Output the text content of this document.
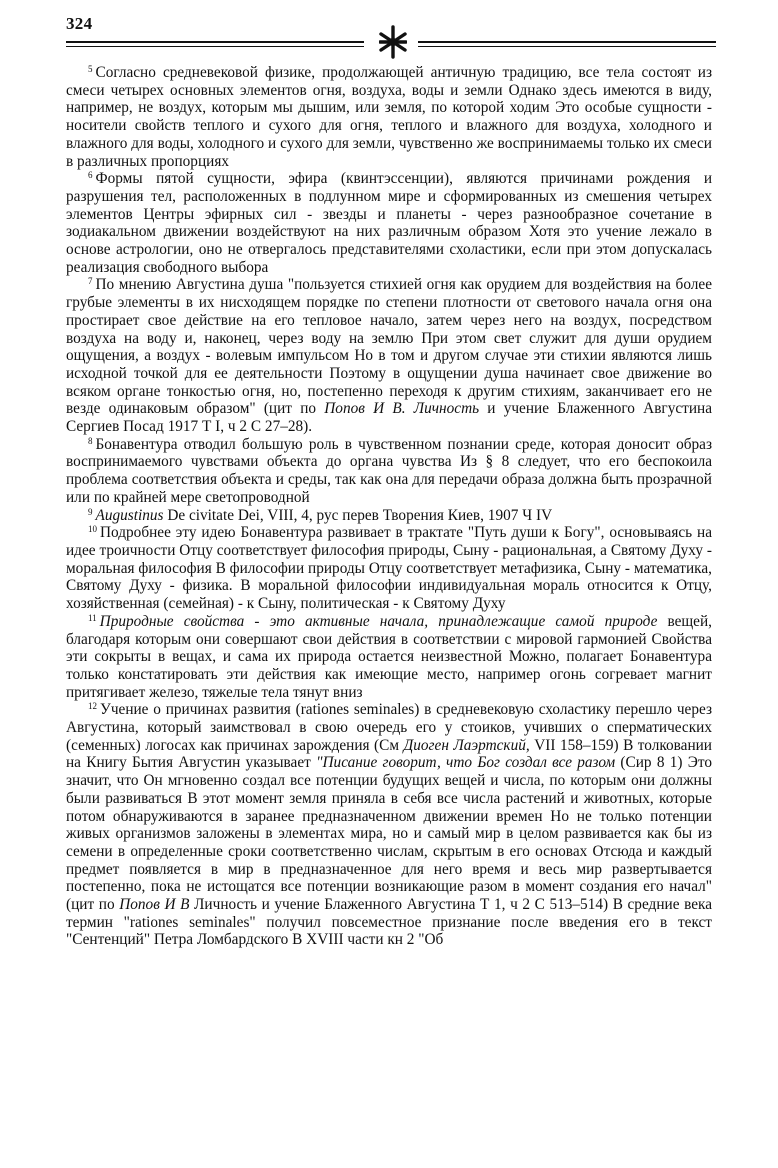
324

$^5$ Согласно средневековой физике, продолжающей античную традицию, все тела состоят из смеси четырех основных элементов огня, воздуха, воды и земли Однако здесь имеются в виду, например, не воздух, которым мы дышим, или земля, по которой ходим Это особые сущности - носители свойств теплого и сухого для огня, теплого и влажного для воздуха, холодного и влажного для воды, холодного и сухого для земли, чувственно же воспринимаемы только их смеси в различных пропорциях

$^6$ Формы пятой сущности, эфира (квинтэссенции), являются причинами рождения и разрушения тел, расположенных в подлунном мире и сформированных из смешения четырех элементов Центры эфирных сил - звезды и планеты - через разнообразное сочетание в зодиакальном движении воздействуют на них различным образом Хотя это учение лежало в основе астрологии, оно не отвергалось представителями схоластики, если при этом допускалась реализация свободного выбора

$^7$ По мнению Августина душа "пользуется стихией огня как орудием для воздействия на более грубые элементы в их нисходящем порядке по степени плотности от светового начала огня она простирает свое действие на его тепловое начало, затем через него на воздух, посредством воздуха на воду и, наконец, через воду на землю При этом свет служит для души орудием ощущения, а воздух - волевым импульсом Но в том и другом случае эти стихии являются лишь исходной точкой для ее деятельности Поэтому в ощущении душа начинает свое движение во всяком органе тонкостью огня, но, постепенно переходя к другим стихиям, заканчивает его не везде одинаковым образом" (цит по Попов И В. Личность и учение Блаженного Августина Сергиев Посад 1917 Т I, ч 2 С 27–28).

$^8$ Бонавентура отводил большую роль в чувственном познании среде, которая доносит образ воспринимаемого чувствами объекта до органа чувства Из § 8 следует, что его беспокоила проблема соответствия объекта и среды, так как она для передачи образа должна быть прозрачной или по крайней мере светопроводной

$^9$ Augustinus De civitate Dei, VIII, 4, рус перев Творения Киев, 1907 Ч IV

$^{10}$ Подробнее эту идею Бонавентура развивает в трактате "Путь души к Богу", основываясь на идее троичности Отцу соответствует философия природы, Сыну - рациональная, а Святому Духу - моральная философия В философии природы Отцу соответствует метафизика, Сыну - математика, Святому Духу - физика. В моральной философии индивидуальная мораль относится к Отцу, хозяйственная (семейная) - к Сыну, политическая - к Святому Духу

$^{11}$ Природные свойства - это активные начала, принадлежащие самой природе вещей, благодаря которым они совершают свои действия в соответствии с мировой гармонией Свойства эти сокрыты в вещах, и сама их природа остается неизвестной Можно, полагает Бонавентура только констатировать эти действия как имеющие место, например огонь согревает магнит притягивает железо, тяжелые тела тянут вниз

$^{12}$ Учение о причинах развития (rationes seminales) в средневековую схоластику перешло через Августина, который заимствовал в свою очередь его у стоиков, учивших о сперматических (семенных) логосах как причинах зарождения (См Диоген Лаэртский, VII 158–159) В толковании на Книгу Бытия Августин указывает "Писание говорит, что Бог создал все разом (Сир 8 1) Это значит, что Он мгновенно создал все потенции будущих вещей и числа, по которым они должны были развиваться В этот момент земля приняла в себя все числа растений и животных, которые потом обнаруживаются в заранее предназначенном движении времен Но не только потенции живых организмов заложены в элементах мира, но и самый мир в целом развивается как бы из семени в определенные сроки соответственно числам, скрытым в его основах Отсюда и каждый предмет появляется в мир в предназначенное для него время и весь мир развертывается постепенно, пока не истощатся все потенции возникающие разом в момент создания его начал" (цит по Попов И В Личность и учение Блаженного Августина Т 1, ч 2 С 513–514) В средние века термин "rationes seminales" получил повсеместное признание после введения его в текст "Сентенций" Петра Ломбардского В XVIII части кн 2 "Об
